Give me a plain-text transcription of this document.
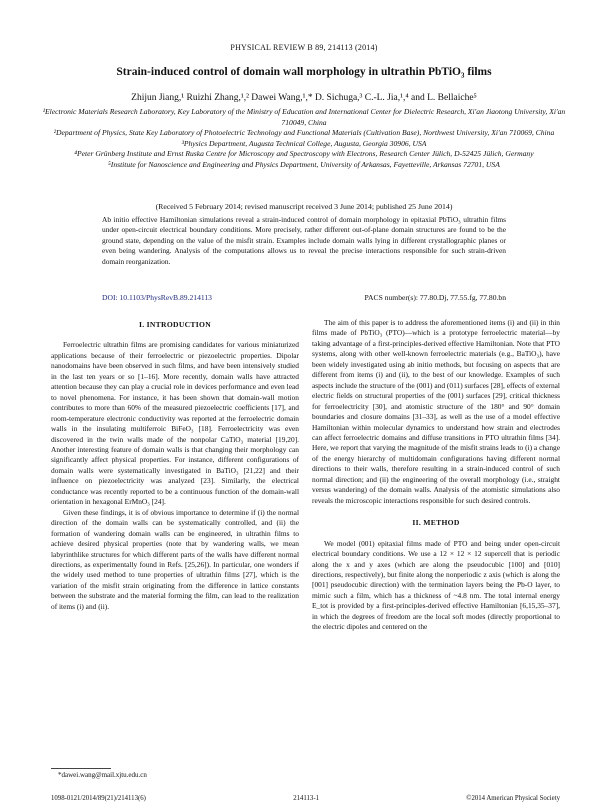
PHYSICAL REVIEW B 89, 214113 (2014)
Strain-induced control of domain wall morphology in ultrathin PbTiO₃ films
Zhijun Jiang,¹ Ruizhi Zhang,¹,² Dawei Wang,¹,* D. Sichuga,³ C.-L. Jia,¹,⁴ and L. Bellaiche⁵
¹Electronic Materials Research Laboratory, Key Laboratory of the Ministry of Education and International Center for Dielectric Research, Xi'an Jiaotong University, Xi'an 710049, China
²Department of Physics, State Key Laboratory of Photoelectric Technology and Functional Materials (Cultivation Base), Northwest University, Xi'an 710069, China
³Physics Department, Augusta Technical College, Augusta, Georgia 30906, USA
⁴Peter Grünberg Institute and Ernst Ruska Centre for Microscopy and Spectroscopy with Electrons, Research Center Jülich, D-52425 Jülich, Germany
⁵Institute for Nanoscience and Engineering and Physics Department, University of Arkansas, Fayetteville, Arkansas 72701, USA
(Received 5 February 2014; revised manuscript received 3 June 2014; published 25 June 2014)
Ab initio effective Hamiltonian simulations reveal a strain-induced control of domain morphology in epitaxial PbTiO₃ ultrathin films under open-circuit electrical boundary conditions. More precisely, rather different out-of-plane domain structures are found to be the ground state, depending on the value of the misfit strain. Examples include domain walls lying in different crystallographic planes or even being wandering. Analysis of the computations allows us to reveal the precise interactions responsible for such strain-driven domain reorganization.
DOI: 10.1103/PhysRevB.89.214113	PACS number(s): 77.80.Dj, 77.55.fg, 77.80.bn
I. INTRODUCTION

Ferroelectric ultrathin films are promising candidates for various miniaturized applications because of their ferroelectric or piezoelectric properties. Dipolar nanodomains have been observed in such films, and have been intensively studied in the last ten years or so [1–16]. More recently, domain walls have attracted attention because they can play a crucial role in devices performance and even lead to novel phenomena. For instance, it has been shown that domain-wall motion contributes to more than 60% of the measured piezoelectric coefficients [17], and room-temperature electronic conductivity was reported at the ferroelectric domain walls in the insulating multiferroic BiFeO₃ [18]. Ferroelectricity was even discovered in the twin walls made of the nonpolar CaTiO₃ material [19,20]. Another interesting feature of domain walls is that changing their morphology can significantly affect physical properties. For instance, different configurations of domain walls were systematically investigated in BaTiO₃ [21,22] and their influence on piezoelectricity was analyzed [23]. Similarly, the electrical conductance was recently reported to be a continuous function of the domain-wall orientation in hexagonal ErMnO₃ [24].

Given these findings, it is of obvious importance to determine if (i) the normal direction of the domain walls can be systematically controlled, and (ii) the formation of wandering domain walls can be engineered, in ultrathin films to achieve desired physical properties (note that by wandering walls, we mean labyrinthlike structures for which different parts of the walls have different normal directions, as experimentally found in Refs. [25,26]). In particular, one wonders if the widely used method to tune properties of ultrathin films [27], which is the variation of the misfit strain originating from the difference in lattice constants between the substrate and the material forming the film, can lead to the realization of items (i) and (ii).

The aim of this paper is to address the aforementioned items (i) and (ii) in thin films made of PbTiO₃ (PTO)—which is a prototype ferroelectric material—by taking advantage of a first-principles-derived effective Hamiltonian. Note that PTO systems, along with other well-known ferroelectric materials (e.g., BaTiO₃), have been widely investigated using ab initio methods, but focusing on aspects that are different from items (i) and (ii), to the best of our knowledge. Examples of such aspects include the structure of the (001) and (011) surfaces [28], effects of external electric fields on structural properties of the (001) surfaces [29], critical thickness for ferroelectricity [30], and atomistic structure of the 180° and 90° domain boundaries and closure domains [31–33], as well as the use of a model effective Hamiltonian within molecular dynamics to understand how strain and electrodes can affect ferroelectric domains and diffuse transitions in PTO ultrathin films [34]. Here, we report that varying the magnitude of the misfit strains leads to (i) a change of the energy hierarchy of multidomain configurations having different normal directions to their walls, therefore resulting in a strain-induced control of such normal direction; and (ii) the engineering of the overall morphology (i.e., straight versus wandering) of the domain walls. Analysis of the atomistic simulations also reveals the microscopic interactions responsible for such desired controls.

II. METHOD

We model (001) epitaxial films made of PTO and being under open-circuit electrical boundary conditions. We use a 12 × 12 × 12 supercell that is periodic along the x and y axes (which are along the pseudocubic [100] and [010] directions, respectively), but finite along the nonperiodic z axis (which is along the [001] pseudocubic direction) with the termination layers being the Pb-O layer, to mimic such a film, which has a thickness of ~4.8 nm. The total internal energy E_tot is provided by a first-principles-derived effective Hamiltonian [6,15,35–37], in which the degrees of freedom are the local soft modes (directly proportional to the electric dipoles and centered on the

*dawei.wang@mail.xjtu.edu.cn
1098-0121/2014/89(21)/214113(6)	214113-1	©2014 American Physical Society
